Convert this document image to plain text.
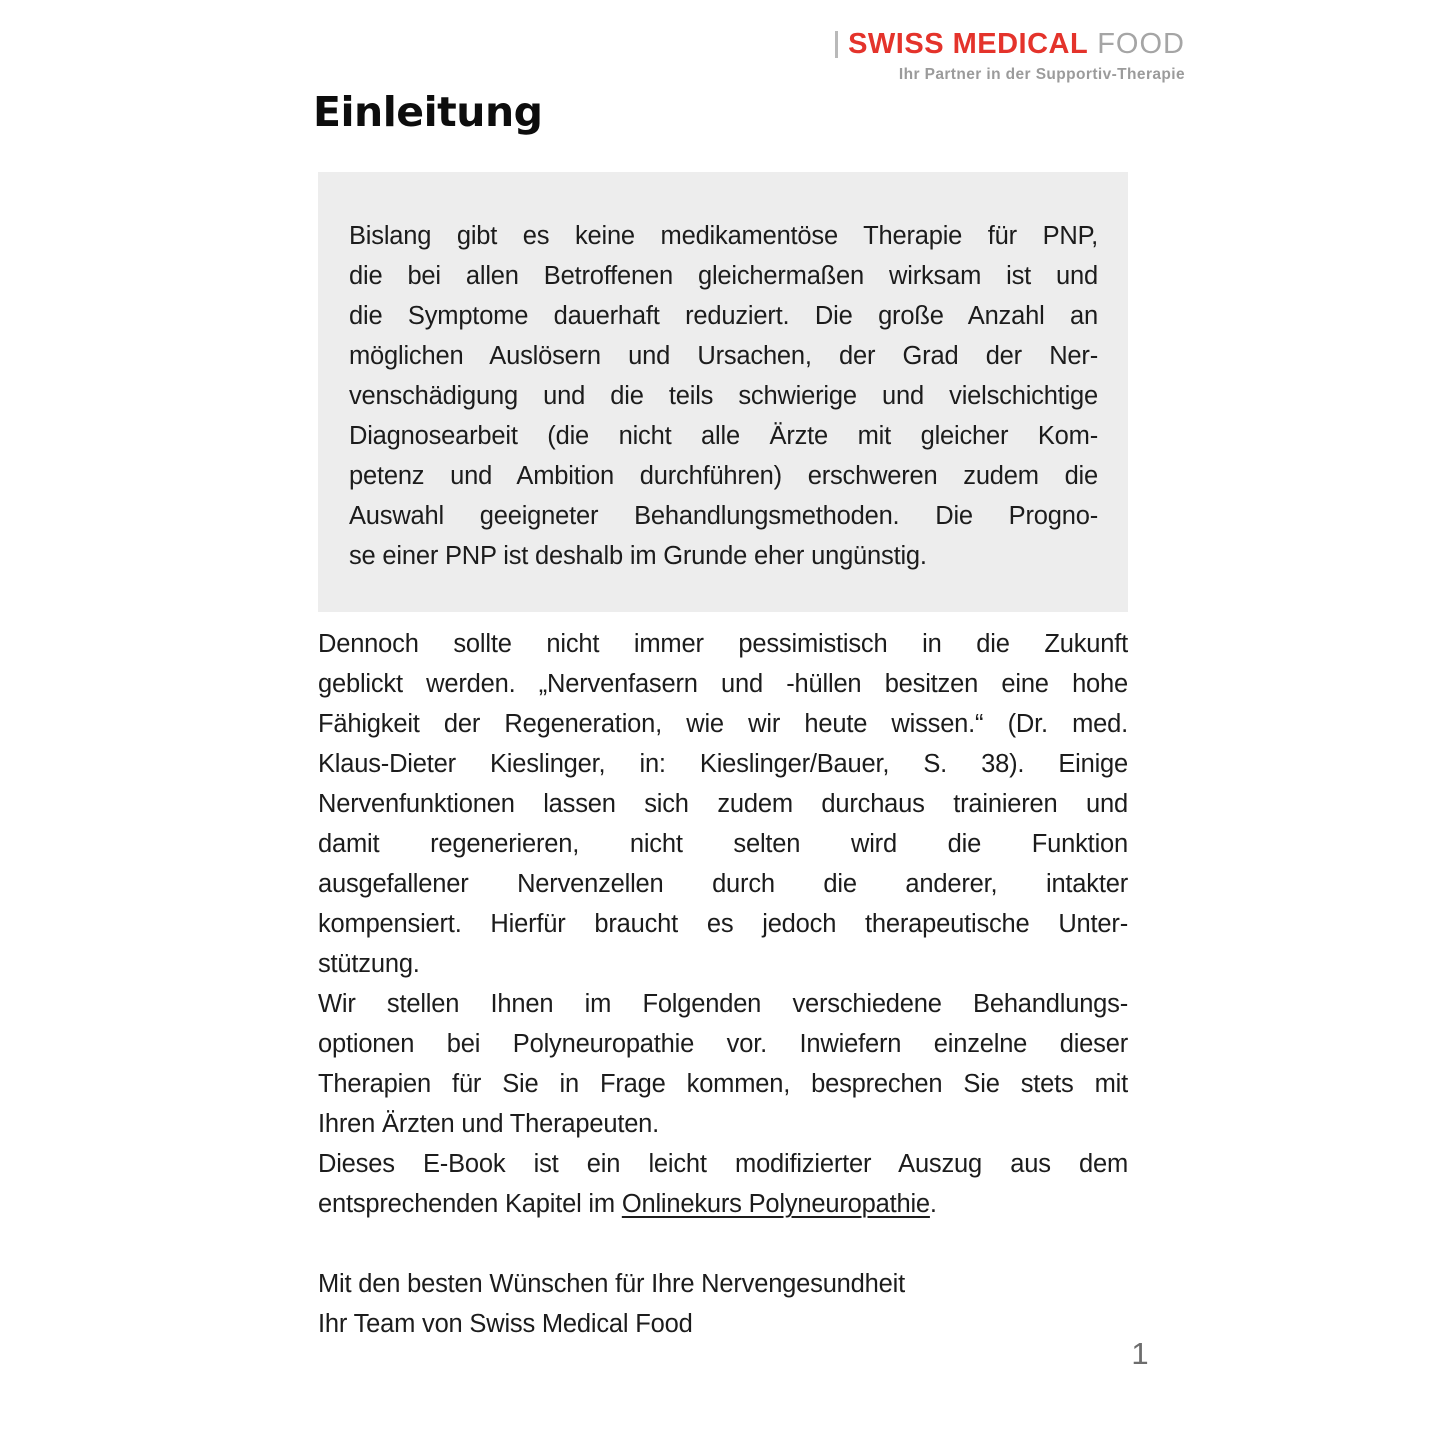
SWISS MEDICAL FOOD
Ihr Partner in der Supportiv-Therapie
Einleitung
Bislang gibt es keine medikamentöse Therapie für PNP,
die bei allen Betroffenen gleichermaßen wirksam ist und
die Symptome dauerhaft reduziert. Die große Anzahl an
möglichen Auslösern und Ursachen, der Grad der Ner-
venschädigung und die teils schwierige und vielschichtige
Diagnosearbeit (die nicht alle Ärzte mit gleicher Kom-
petenz und Ambition durchführen) erschweren zudem die
Auswahl geeigneter Behandlungsmethoden. Die Progno-
se einer PNP ist deshalb im Grunde eher ungünstig.
Dennoch sollte nicht immer pessimistisch in die Zukunft
geblickt werden. „Nervenfasern und -hüllen besitzen eine hohe
Fähigkeit der Regeneration, wie wir heute wissen.“ (Dr. med.
Klaus-Dieter Kieslinger, in: Kieslinger/Bauer, S. 38). Einige
Nervenfunktionen lassen sich zudem durchaus trainieren und
damit regenerieren, nicht selten wird die Funktion
ausgefallener Nervenzellen durch die anderer, intakter
kompensiert. Hierfür braucht es jedoch therapeutische Unter-
stützung.
Wir stellen Ihnen im Folgenden verschiedene Behandlungs-
optionen bei Polyneuropathie vor. Inwiefern einzelne dieser
Therapien für Sie in Frage kommen, besprechen Sie stets mit
Ihren Ärzten und Therapeuten.
Dieses E-Book ist ein leicht modifizierter Auszug aus dem
entsprechenden Kapitel im Onlinekurs Polyneuropathie.
Mit den besten Wünschen für Ihre Nervengesundheit
Ihr Team von Swiss Medical Food
1
